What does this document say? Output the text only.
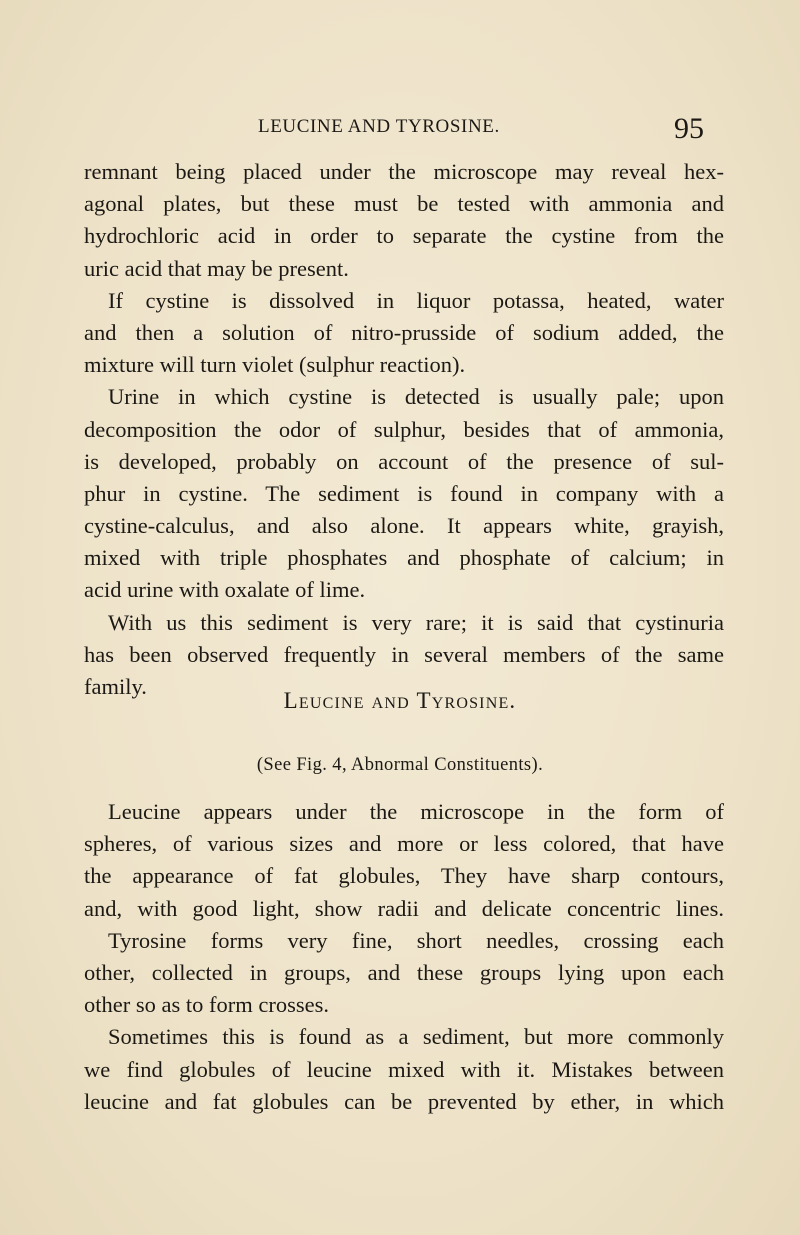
LEUCINE AND TYROSINE.	95
remnant being placed under the microscope may reveal hex-
agonal plates, but these must be tested with ammonia and
hydrochloric acid in order to separate the cystine from the
uric acid that may be present.
If cystine is dissolved in liquor potassa, heated, water
and then a solution of nitro-prusside of sodium added, the
mixture will turn violet (sulphur reaction).
Urine in which cystine is detected is usually pale; upon
decomposition the odor of sulphur, besides that of ammonia,
is developed, probably on account of the presence of sul-
phur in cystine. The sediment is found in company with a
cystine-calculus, and also alone. It appears white, grayish,
mixed with triple phosphates and phosphate of calcium; in
acid urine with oxalate of lime.
With us this sediment is very rare; it is said that cystinuria
has been observed frequently in several members of the same
family.
Leucine and Tyrosine.
(See Fig. 4, Abnormal Constituents).
Leucine appears under the microscope in the form of
spheres, of various sizes and more or less colored, that have
the appearance of fat globules, They have sharp contours,
and, with good light, show radii and delicate concentric lines.
Tyrosine forms very fine, short needles, crossing each
other, collected in groups, and these groups lying upon each
other so as to form crosses.
Sometimes this is found as a sediment, but more commonly
we find globules of leucine mixed with it. Mistakes between
leucine and fat globules can be prevented by ether, in which
